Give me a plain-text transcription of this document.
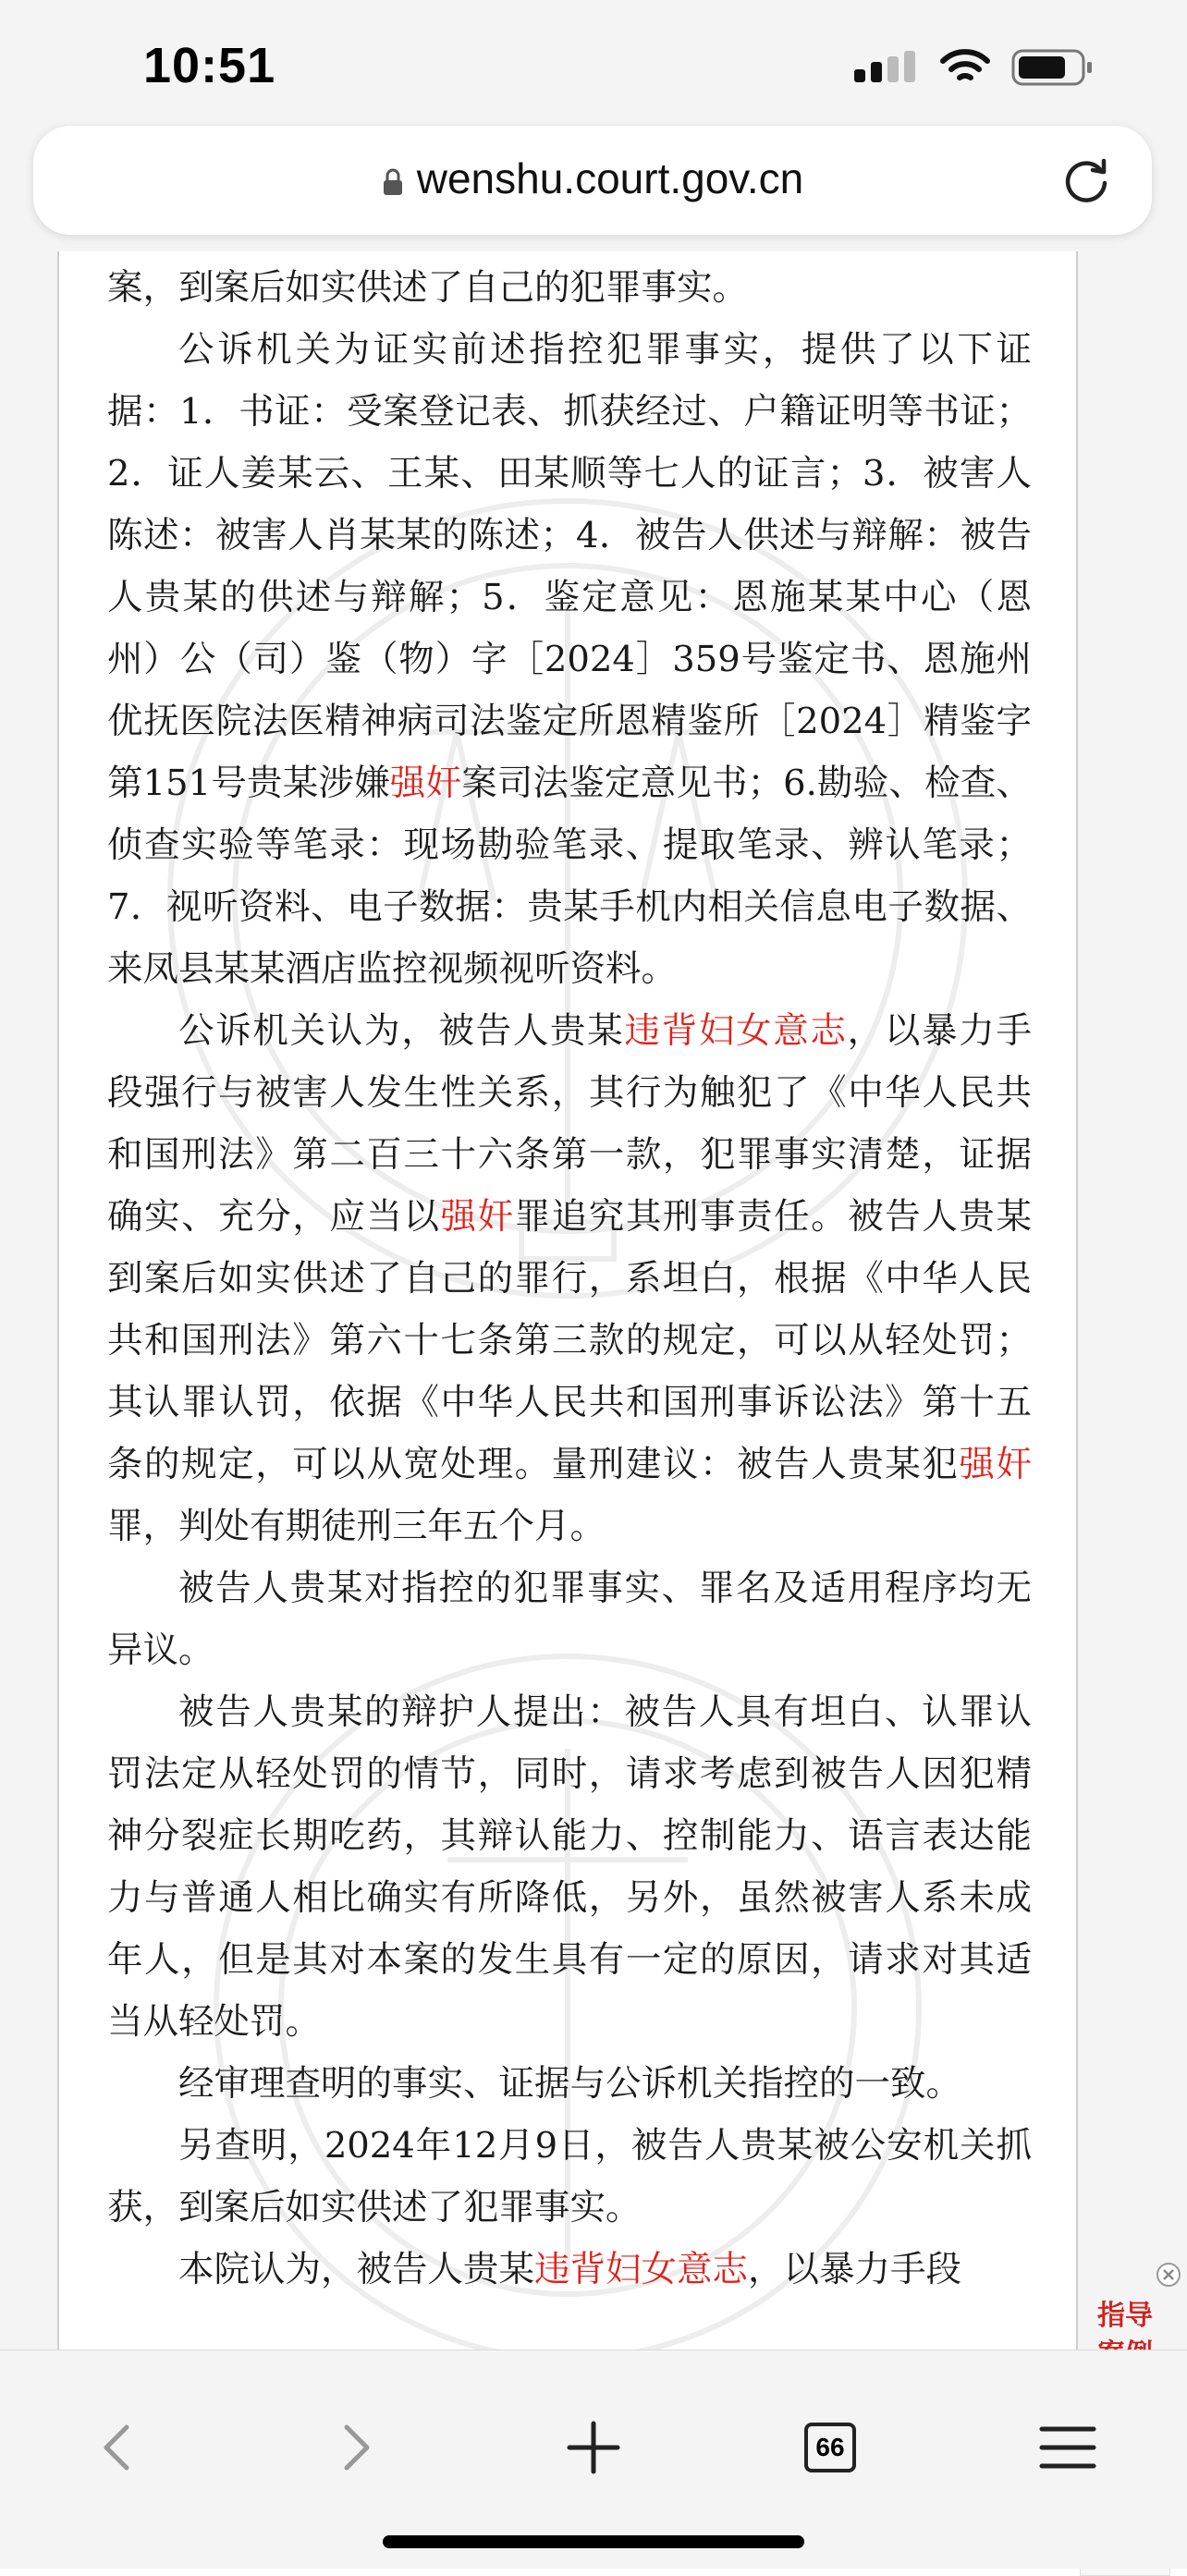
10:51
wenshu.court.gov.cn

案，到案后如实供述了自己的犯罪事实。

公诉机关为证实前述指控犯罪事实，提供了以下证据：1．书证：受案登记表、抓获经过、户籍证明等书证；2．证人姜某云、王某、田某顺等七人的证言；3．被害人陈述：被害人肖某某的陈述；4．被告人供述与辩解：被告人贵某的供述与辩解；5．鉴定意见：恩施某某中心（恩州）公（司）鉴（物）字［2024］359号鉴定书、恩施州优抚医院法医精神病司法鉴定所恩精鉴所［2024］精鉴字第151号贵某涉嫌强奸案司法鉴定意见书；6.勘验、检查、侦查实验等笔录：现场勘验笔录、提取笔录、辨认笔录；7．视听资料、电子数据：贵某手机内相关信息电子数据、来凤县某某酒店监控视频视听资料。

公诉机关认为，被告人贵某违背妇女意志，以暴力手段强行与被害人发生性关系，其行为触犯了《中华人民共和国刑法》第二百三十六条第一款，犯罪事实清楚，证据确实、充分，应当以强奸罪追究其刑事责任。被告人贵某到案后如实供述了自己的罪行，系坦白，根据《中华人民共和国刑法》第六十七条第三款的规定，可以从轻处罚；其认罪认罚，依据《中华人民共和国刑事诉讼法》第十五条的规定，可以从宽处理。量刑建议：被告人贵某犯强奸罪，判处有期徒刑三年五个月。

被告人贵某对指控的犯罪事实、罪名及适用程序均无异议。

被告人贵某的辩护人提出：被告人具有坦白、认罪认罚法定从轻处罚的情节，同时，请求考虑到被告人因犯精神分裂症长期吃药，其辩认能力、控制能力、语言表达能力与普通人相比确实有所降低，另外，虽然被害人系未成年人，但是其对本案的发生具有一定的原因，请求对其适当从轻处罚。

经审理查明的事实、证据与公诉机关指控的一致。

另查明，2024年12月9日，被告人贵某被公安机关抓获，到案后如实供述了犯罪事实。

本院认为，被告人贵某违背妇女意志，以暴力手段

指导
66
